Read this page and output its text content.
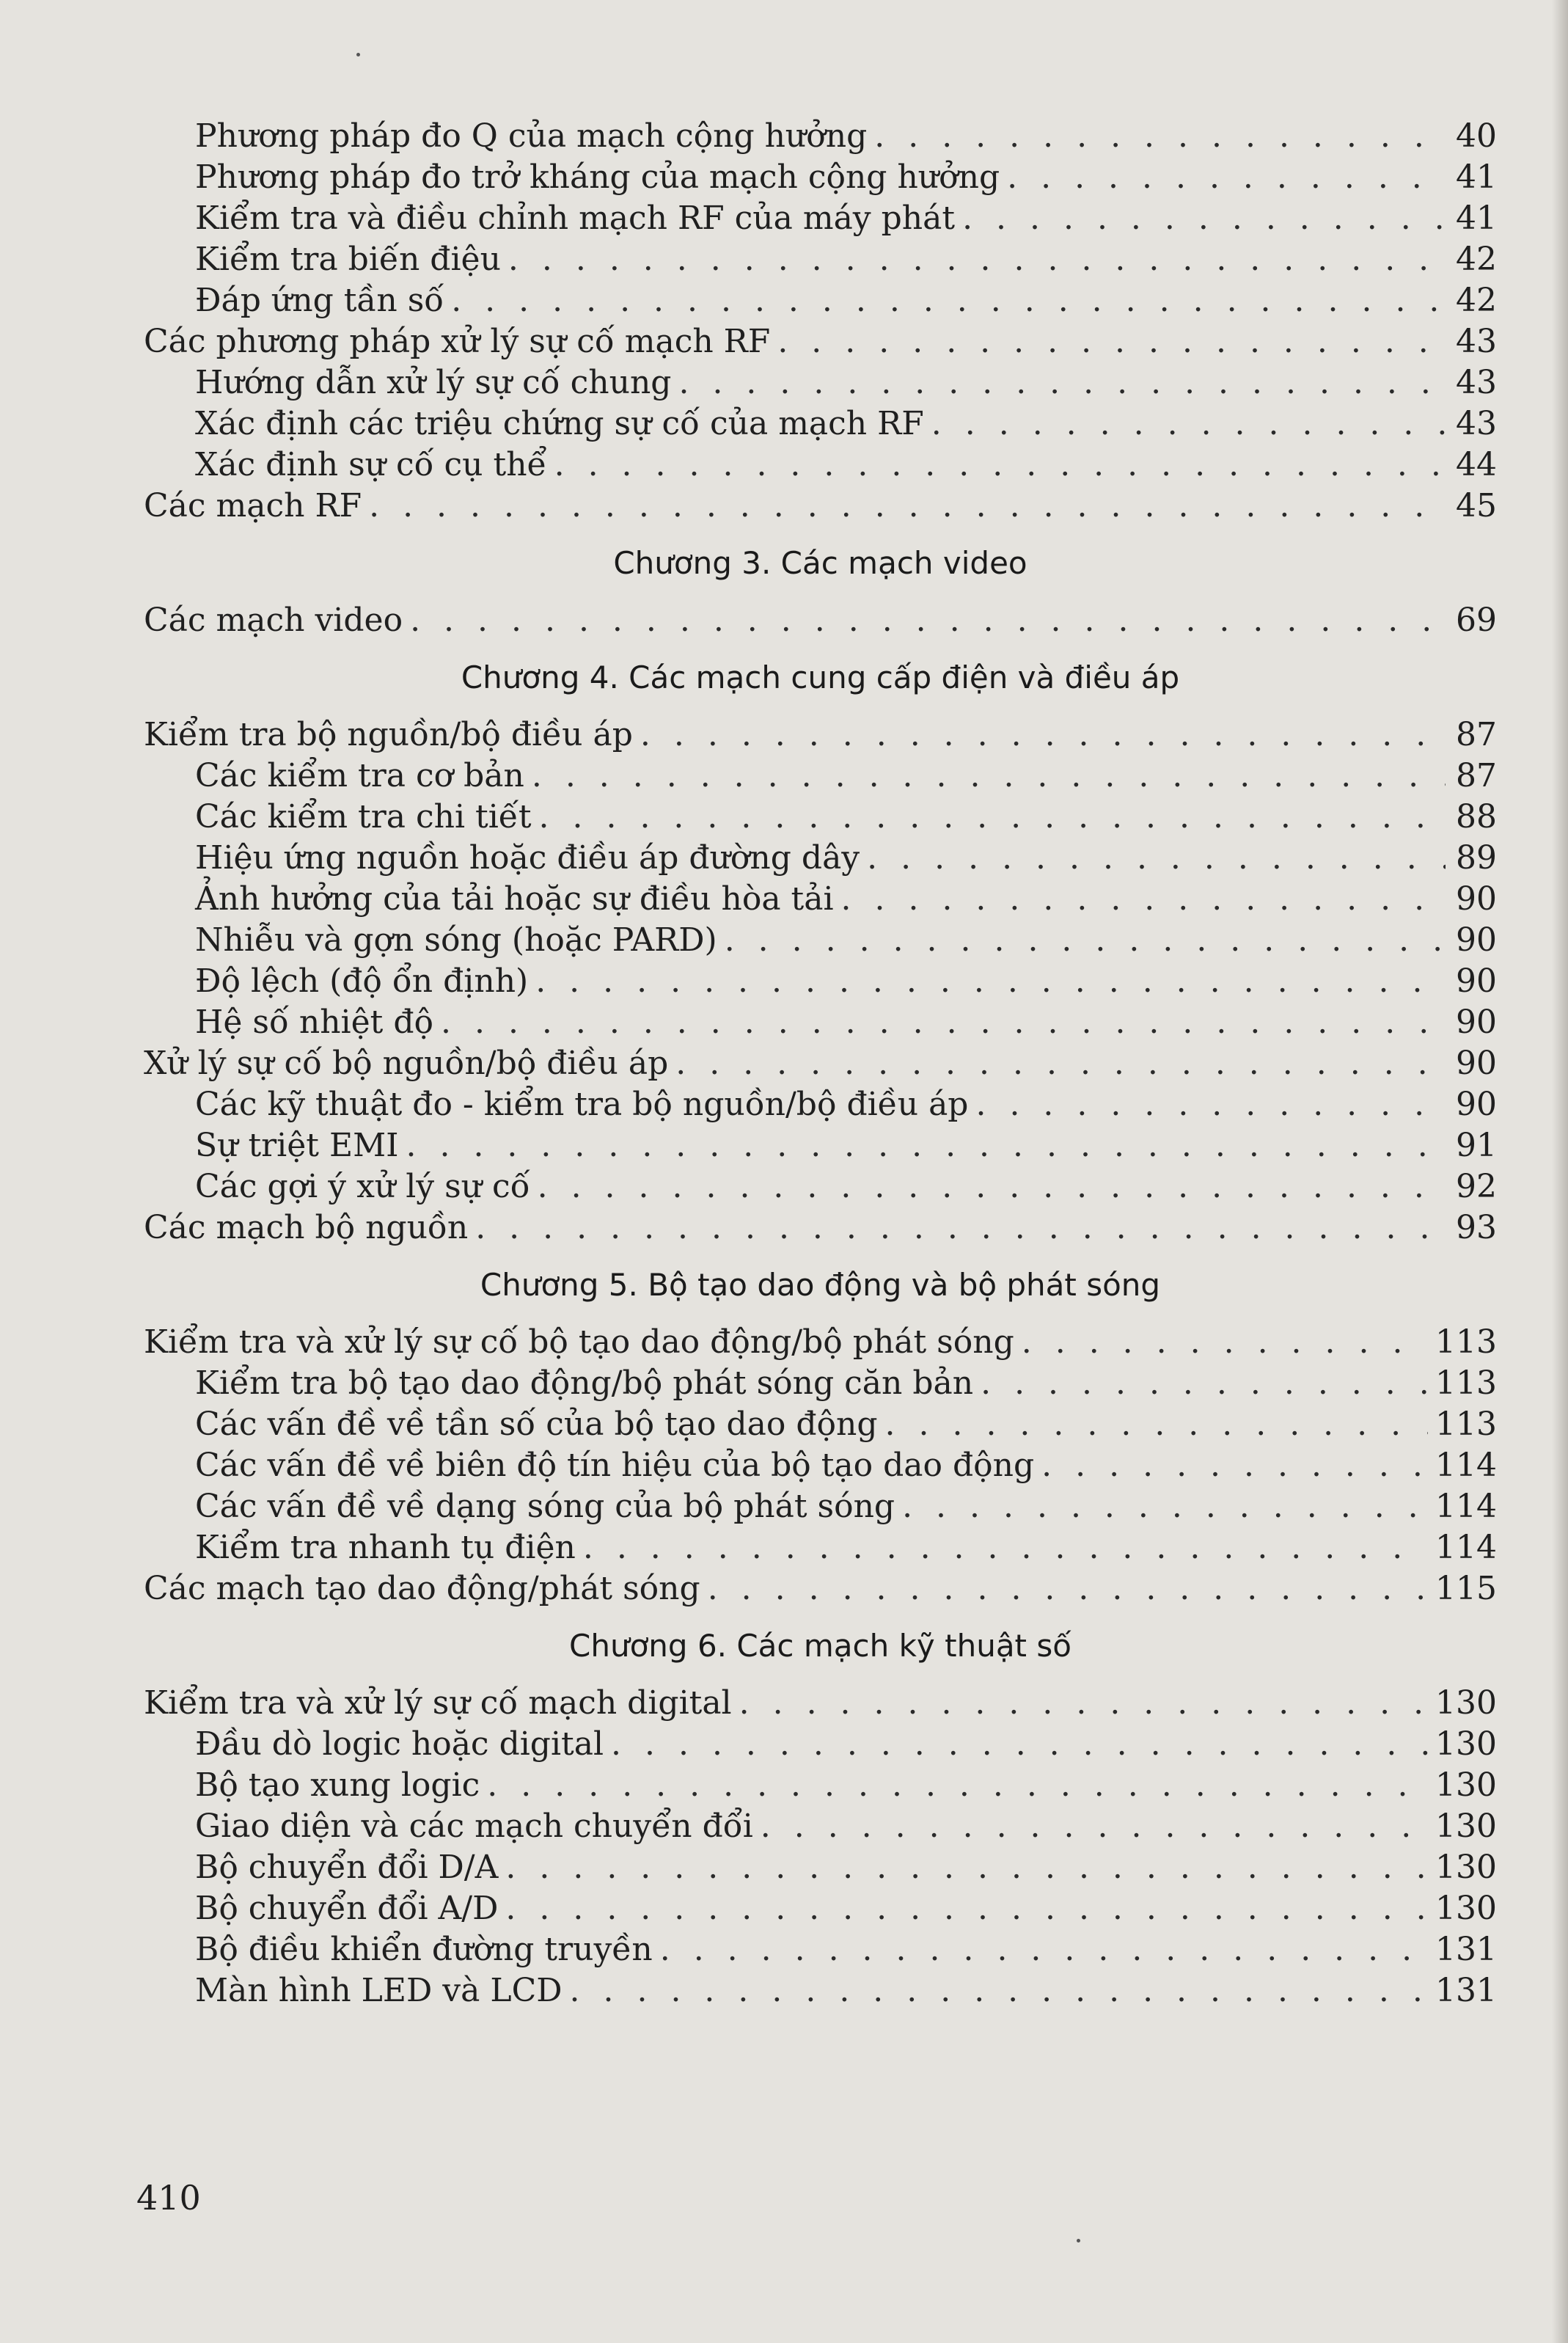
Phương pháp đo Q của mạch cộng hưởng . . .	40
Phương pháp đo trở kháng của mạch cộng hưởng . . .	41
Kiểm tra và điều chỉnh mạch RF của máy phát . . .	41
Kiểm tra biến điệu . . .	42
Đáp ứng tần số . . .	42
Các phương pháp xử lý sự cố mạch RF . . .	43
Hướng dẫn xử lý sự cố chung . . .	43
Xác định các triệu chứng sự cố của mạch RF . . .	43
Xác định sự cố cụ thể . . .	44
Các mạch RF . . .	45
Chương 3. Các mạch video
Các mạch video . . .	69
Chương 4. Các mạch cung cấp điện và điều áp
Kiểm tra bộ nguồn/bộ điều áp . . .	87
Các kiểm tra cơ bản . . .	87
Các kiểm tra chi tiết . . .	88
Hiệu ứng nguồn hoặc điều áp đường dây . . .	89
Ảnh hưởng của tải hoặc sự điều hòa tải . . .	90
Nhiễu và gợn sóng (hoặc PARD) . . .	90
Độ lệch (độ ổn định) . . .	90
Hệ số nhiệt độ . . .	90
Xử lý sự cố bộ nguồn/bộ điều áp . . .	90
Các kỹ thuật đo - kiểm tra bộ nguồn/bộ điều áp . . .	90
Sự triệt EMI . . .	91
Các gợi ý xử lý sự cố . . .	92
Các mạch bộ nguồn . . .	93
Chương 5. Bộ tạo dao động và bộ phát sóng
Kiểm tra và xử lý sự cố bộ tạo dao động/bộ phát sóng . . .	113
Kiểm tra bộ tạo dao động/bộ phát sóng căn bản . . .	113
Các vấn đề về tần số của bộ tạo dao động . . .	113
Các vấn đề về biên độ tín hiệu của bộ tạo dao động . . .	114
Các vấn đề về dạng sóng của bộ phát sóng . . .	114
Kiểm tra nhanh tụ điện . . .	114
Các mạch tạo dao động/phát sóng . . .	115
Chương 6. Các mạch kỹ thuật số
Kiểm tra và xử lý sự cố mạch digital . . .	130
Đầu dò logic hoặc digital . . .	130
Bộ tạo xung logic . . .	130
Giao diện và các mạch chuyển đổi . . .	130
Bộ chuyển đổi D/A . . .	130
Bộ chuyển đổi A/D . . .	130
Bộ điều khiển đường truyền . . .	131
Màn hình LED và LCD . . .	131
410
